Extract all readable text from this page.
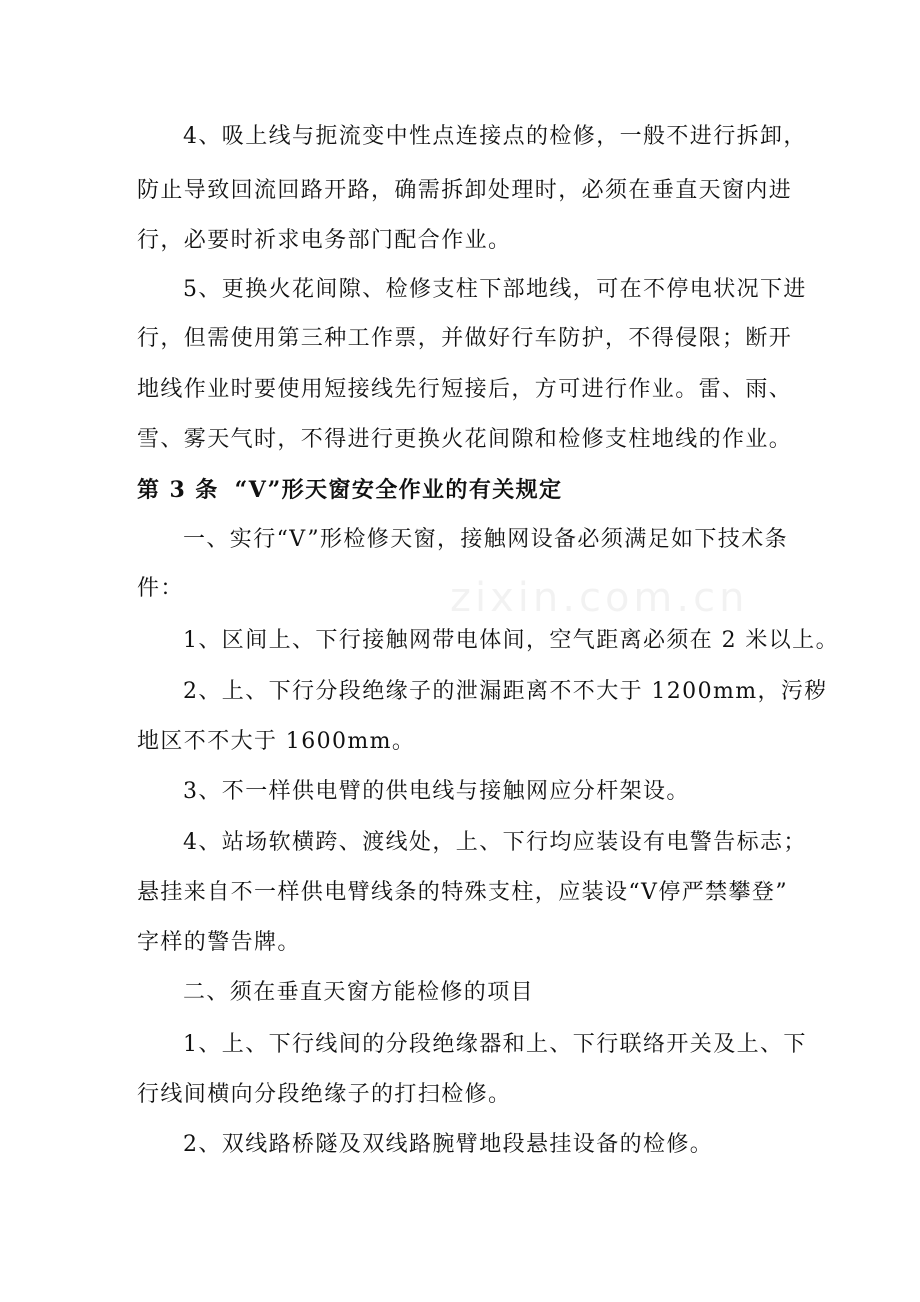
4、吸上线与扼流变中性点连接点的检修，一般不进行拆卸，
防止导致回流回路开路，确需拆卸处理时，必须在垂直天窗内进
行，必要时祈求电务部门配合作业。
5、更换火花间隙、检修支柱下部地线，可在不停电状况下进
行，但需使用第三种工作票，并做好行车防护，不得侵限；断开
地线作业时要使用短接线先行短接后，方可进行作业。雷、雨、
雪、雾天气时，不得进行更换火花间隙和检修支柱地线的作业。
第 3 条 “V”形天窗安全作业的有关规定
一、实行“V”形检修天窗，接触网设备必须满足如下技术条
件：
1、区间上、下行接触网带电体间，空气距离必须在 2 米以上。
2、上、下行分段绝缘子的泄漏距离不不大于 1200mm，污秽
地区不不大于 1600mm。
3、不一样供电臂的供电线与接触网应分杆架设。
4、站场软横跨、渡线处，上、下行均应装设有电警告标志；
悬挂来自不一样供电臂线条的特殊支柱，应装设“V停严禁攀登”
字样的警告牌。
二、须在垂直天窗方能检修的项目
1、上、下行线间的分段绝缘器和上、下行联络开关及上、下
行线间横向分段绝缘子的打扫检修。
2、双线路桥隧及双线路腕臂地段悬挂设备的检修。
zixin.com.cn
